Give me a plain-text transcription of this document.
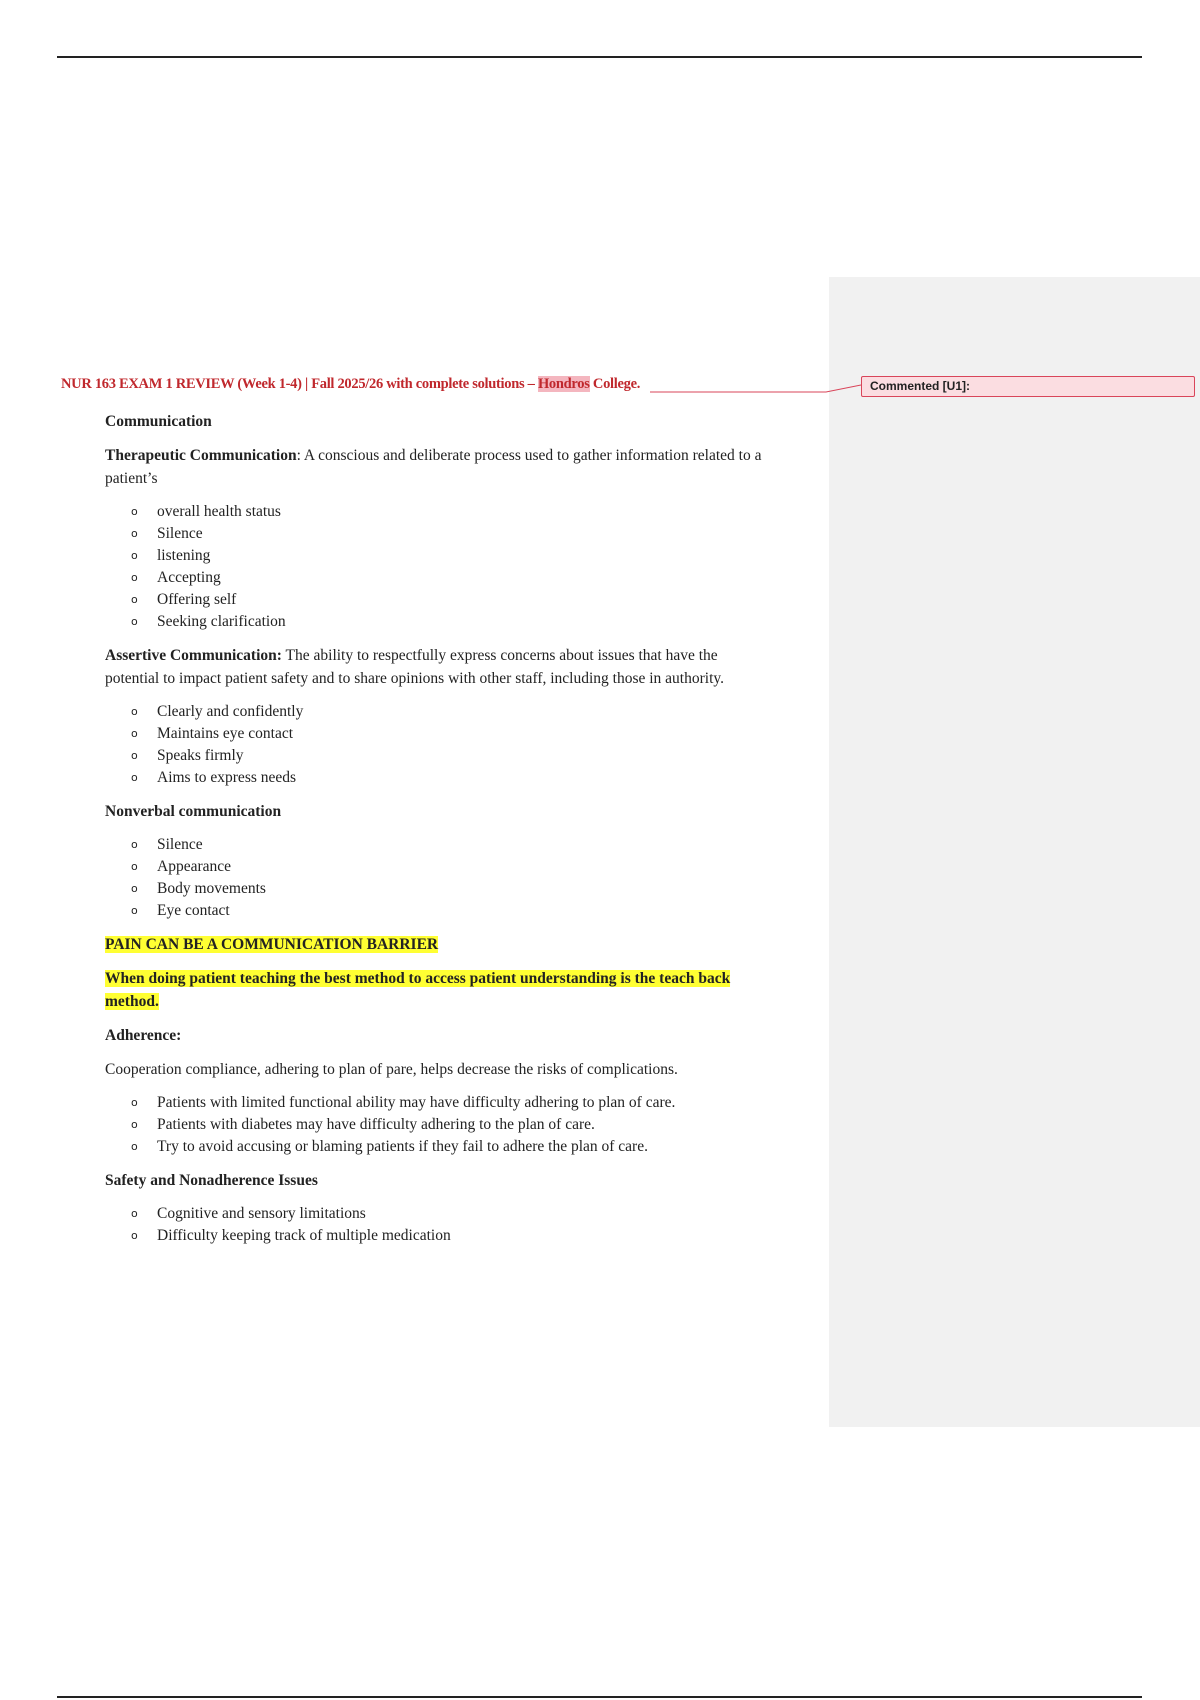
Commented [U1]:
NUR 163 EXAM 1 REVIEW (Week 1-4) | Fall 2025/26 with complete solutions – Hondros College.
Communication

Therapeutic Communication: A conscious and deliberate process used to gather information related to a patient’s

o overall health status
o Silence
o listening
o Accepting
o Offering self
o Seeking clarification

Assertive Communication: The ability to respectfully express concerns about issues that have the potential to impact patient safety and to share opinions with other staff, including those in authority.

o Clearly and confidently
o Maintains eye contact
o Speaks firmly
o Aims to express needs
Nonverbal communication
o Silence
o Appearance
o Body movements
o Eye contact

PAIN CAN BE A COMMUNICATION BARRIER

When doing patient teaching the best method to access patient understanding is the teach back method.

Adherence:

Cooperation compliance, adhering to plan of pare, helps decrease the risks of complications.

o Patients with limited functional ability may have difficulty adhering to plan of care.
o Patients with diabetes may have difficulty adhering to the plan of care.
o Try to avoid accusing or blaming patients if they fail to adhere the plan of care.
Safety and Nonadherence Issues
o Cognitive and sensory limitations
o Difficulty keeping track of multiple medication
